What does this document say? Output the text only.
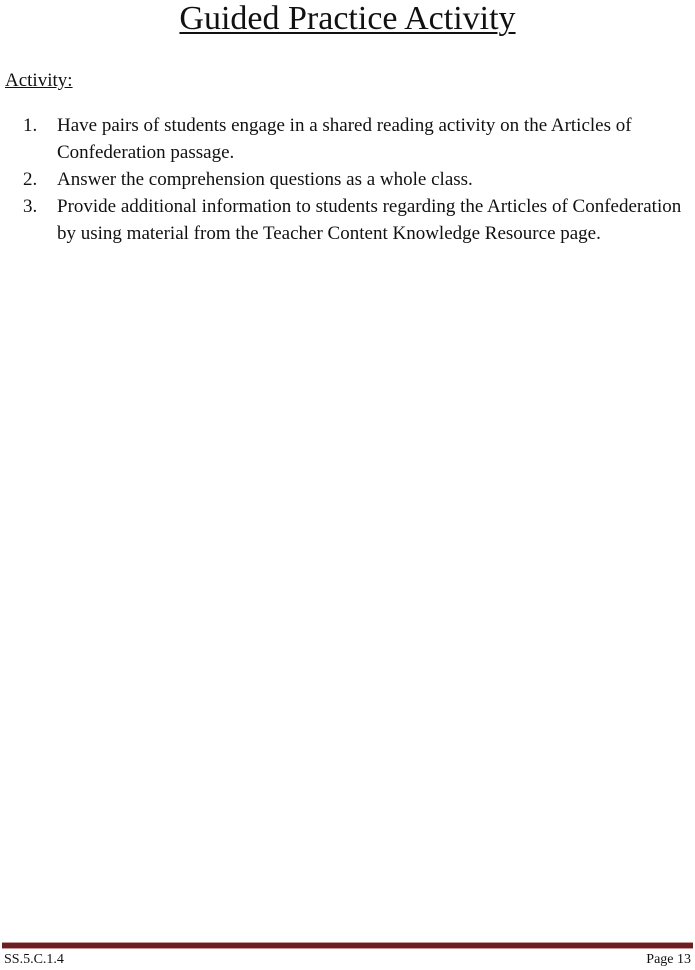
Guided Practice Activity
Activity:
1. Have pairs of students engage in a shared reading activity on the Articles of Confederation passage.
2. Answer the comprehension questions as a whole class.
3. Provide additional information to students regarding the Articles of Confederation by using material from the Teacher Content Knowledge Resource page.
SS.5.C.1.4	Page 13
